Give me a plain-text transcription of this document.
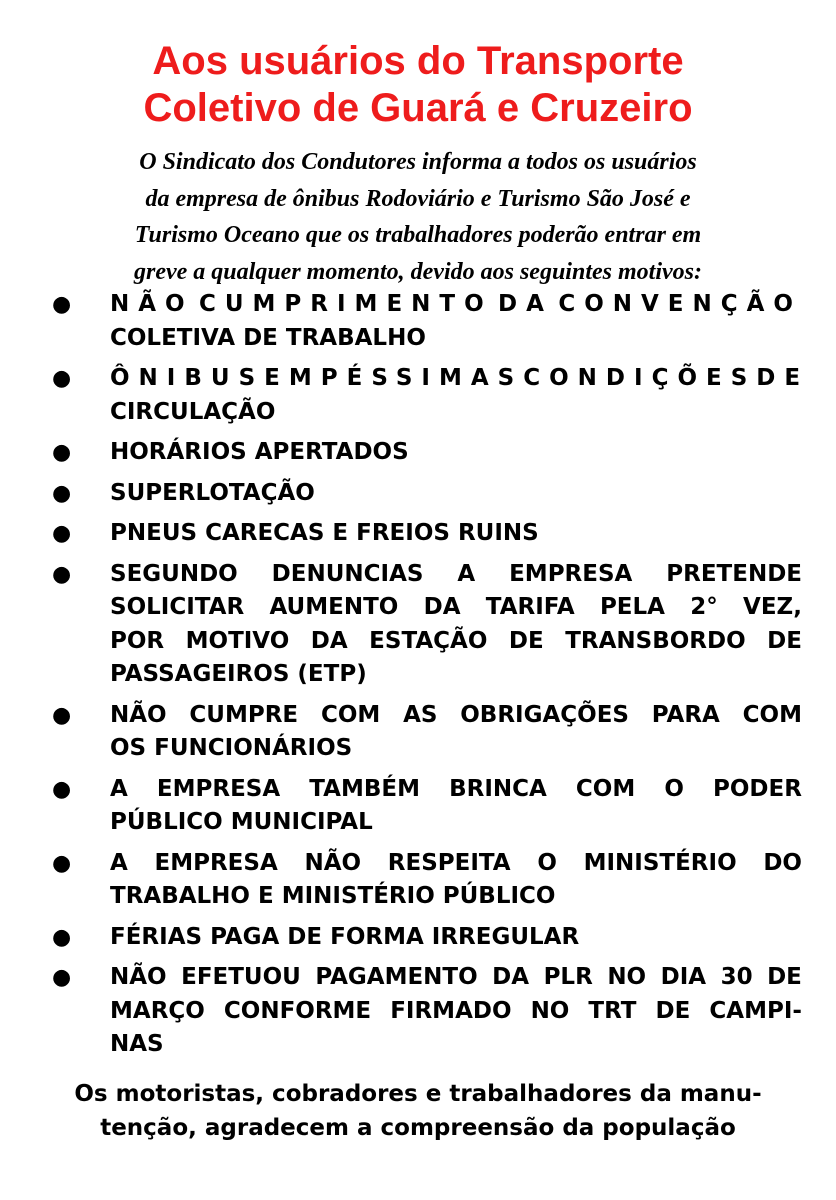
Aos usuários do Transporte
Coletivo de Guará e Cruzeiro
O Sindicato dos Condutores informa a todos os usuários
da empresa de ônibus Rodoviário e Turismo São José e
Turismo Oceano que os trabalhadores poderão entrar em
greve a qualquer momento, devido aos seguintes motivos:
● NÃO CUMPRIMENTO DA CONVENÇÃO
COLETIVA DE TRABALHO
● ÔNIBUS EM PÉSSIMAS CONDIÇÕES DE
CIRCULAÇÃO
● HORÁRIOS APERTADOS
● SUPERLOTAÇÃO
● PNEUS CARECAS E FREIOS RUINS
● SEGUNDO DENUNCIAS A EMPRESA PRETENDE
SOLICITAR AUMENTO DA TARIFA PELA 2° VEZ,
POR MOTIVO DA ESTAÇÃO DE TRANSBORDO DE
PASSAGEIROS (ETP)
● NÃO CUMPRE COM AS OBRIGAÇÕES PARA COM
OS FUNCIONÁRIOS
● A EMPRESA TAMBÉM BRINCA COM O PODER
PÚBLICO MUNICIPAL
● A EMPRESA NÃO RESPEITA O MINISTÉRIO DO
TRABALHO E MINISTÉRIO PÚBLICO
● FÉRIAS PAGA DE FORMA IRREGULAR
● NÃO EFETUOU PAGAMENTO DA PLR NO DIA 30 DE
MARÇO CONFORME FIRMADO NO TRT DE CAMPI-
NAS
Os motoristas, cobradores e trabalhadores da manu-
tenção, agradecem a compreensão da população
